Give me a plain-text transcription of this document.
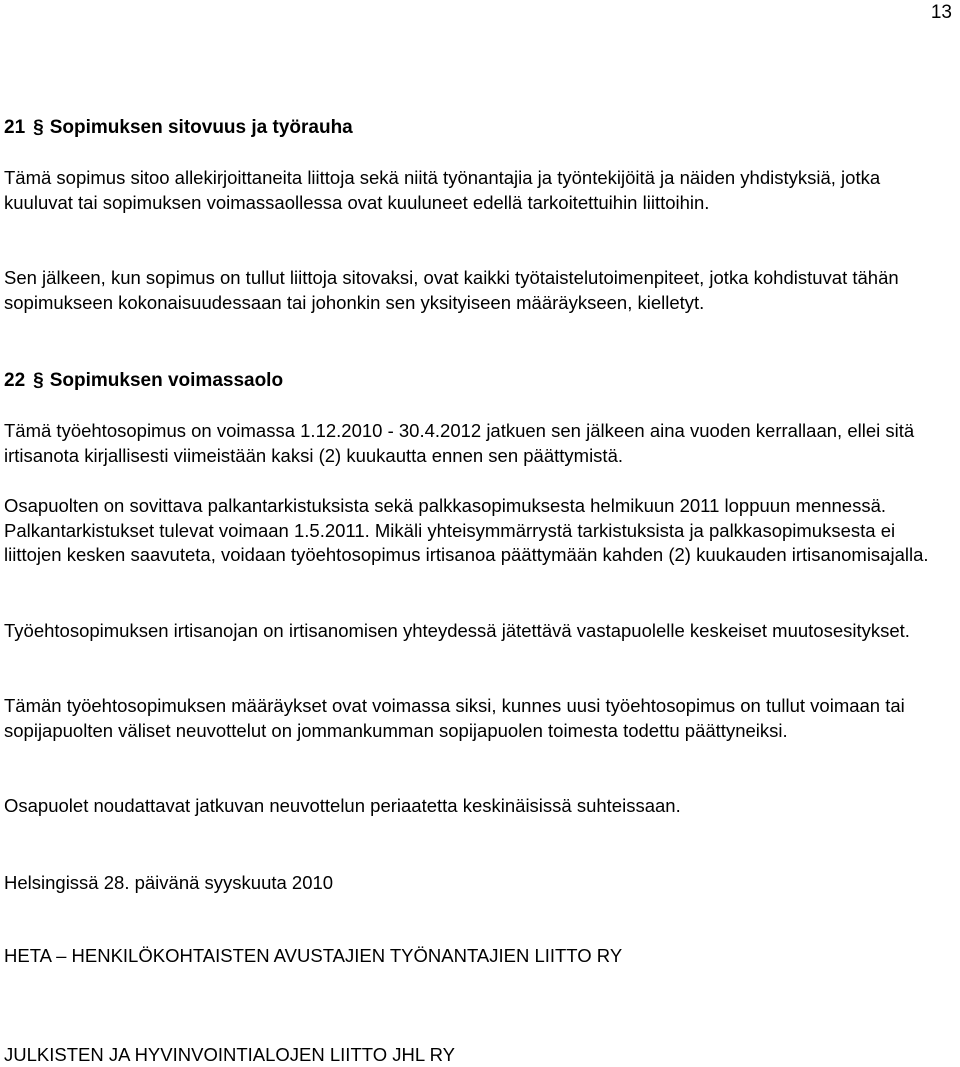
13
21 § Sopimuksen sitovuus ja työrauha

Tämä sopimus sitoo allekirjoittaneita liittoja sekä niitä työnantajia ja työntekijöitä ja näiden yhdistyksiä, jotka kuuluvat tai sopimuksen voimassaollessa ovat kuuluneet edellä tarkoitettuihin liittoihin.

Sen jälkeen, kun sopimus on tullut liittoja sitovaksi, ovat kaikki työtaistelutoimenpiteet, jotka kohdistuvat tähän sopimukseen kokonaisuudessaan tai johonkin sen yksityiseen määräykseen, kielletyt.

22 § Sopimuksen voimassaolo

Tämä työehtosopimus on voimassa 1.12.2010 - 30.4.2012 jatkuen sen jälkeen aina vuoden kerrallaan, ellei sitä irtisanota kirjallisesti viimeistään kaksi (2) kuukautta ennen sen päättymistä.

Osapuolten on sovittava palkantarkistuksista sekä palkkasopimuksesta helmikuun 2011 loppuun mennessä. Palkantarkistukset tulevat voimaan 1.5.2011. Mikäli yhteisymmärrystä tarkistuksista ja palkkasopimuksesta ei liittojen kesken saavuteta, voidaan työehtosopimus irtisanoa päättymään kahden (2) kuukauden irtisanomisajalla.

Työehtosopimuksen irtisanojan on irtisanomisen yhteydessä jätettävä vastapuolelle keskeiset muutosesitykset.

Tämän työehtosopimuksen määräykset ovat voimassa siksi, kunnes uusi työehtosopimus on tullut voimaan tai sopijapuolten väliset neuvottelut on jommankumman sopijapuolen toimesta todettu päättyneiksi.

Osapuolet noudattavat jatkuvan neuvottelun periaatetta keskinäisissä suhteissaan.

Helsingissä 28. päivänä syyskuuta 2010
HETA – HENKILÖKOHTAISTEN AVUSTAJIEN TYÖNANTAJIEN LIITTO RY
JULKISTEN JA HYVINVOINTIALOJEN LIITTO JHL RY
